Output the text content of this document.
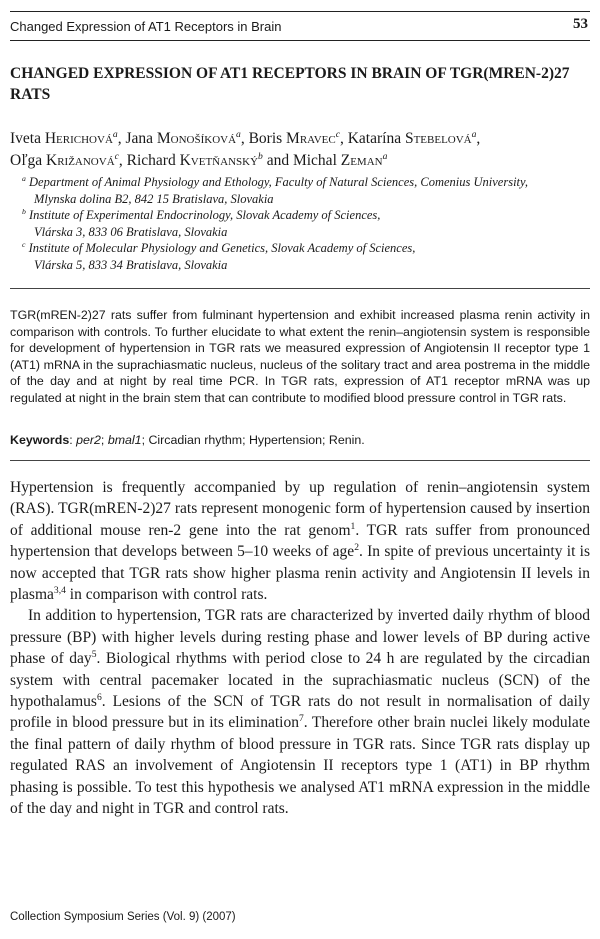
Changed Expression of AT1 Receptors in Brain	53
CHANGED EXPRESSION OF AT1 RECEPTORS IN BRAIN OF TGR(MREN-2)27 RATS
Iveta Herichová$^a$, Jana Monošíková$^a$, Boris Mravec$^c$, Katarína Stebelová$^a$,
Oľga Križanová$^c$, Richard Kvetňanský$^b$ and Michal Zeman$^a$
$^a$ Department of Animal Physiology and Ethology, Faculty of Natural Sciences, Comenius University,
Mlynska dolina B2, 842 15 Bratislava, Slovakia
$^b$ Institute of Experimental Endocrinology, Slovak Academy of Sciences,
Vlárska 3, 833 06 Bratislava, Slovakia
$^c$ Institute of Molecular Physiology and Genetics, Slovak Academy of Sciences,
Vlárska 5, 833 34 Bratislava, Slovakia

TGR(mREN-2)27 rats suffer from fulminant hypertension and exhibit increased plasma renin activity in comparison with controls. To further elucidate to what extent the renin–angiotensin system is responsible for development of hypertension in TGR rats we measured expression of Angiotensin II receptor type 1 (AT1) mRNA in the suprachiasmatic nucleus, nucleus of the solitary tract and area postrema in the middle of the day and at night by real time PCR. In TGR rats, expression of AT1 receptor mRNA was up regulated at night in the brain stem that can contribute to modified blood pressure control in TGR rats.

Keywords: per2; bmal1; Circadian rhythm; Hypertension; Renin.

Hypertension is frequently accompanied by up regulation of renin–angiotensin system (RAS). TGR(mREN-2)27 rats represent monogenic form of hypertension caused by insertion of additional mouse ren-2 gene into the rat genom$^1$. TGR rats suffer from pronounced hypertension that develops between 5–10 weeks of age$^2$. In spite of previous uncertainty it is now accepted that TGR rats show higher plasma renin activity and Angiotensin II levels in plasma$^{3,4}$ in comparison with control rats.

In addition to hypertension, TGR rats are characterized by inverted daily rhythm of blood pressure (BP) with higher levels during resting phase and lower levels of BP during active phase of day$^5$. Biological rhythms with period close to 24 h are regulated by the circadian system with central pacemaker located in the suprachiasmatic nucleus (SCN) of the hypothalamus$^6$. Lesions of the SCN of TGR rats do not result in normalisation of daily profile in blood pressure but in its elimination$^7$. Therefore other brain nuclei likely modulate the final pattern of daily rhythm of blood pressure in TGR rats. Since TGR rats display up regulated RAS an involvement of Angiotensin II receptors type 1 (AT1) in BP rhythm phasing is possible. To test this hypothesis we analysed AT1 mRNA expression in the middle of the day and night in TGR and control rats.

Collection Symposium Series (Vol. 9) (2007)
